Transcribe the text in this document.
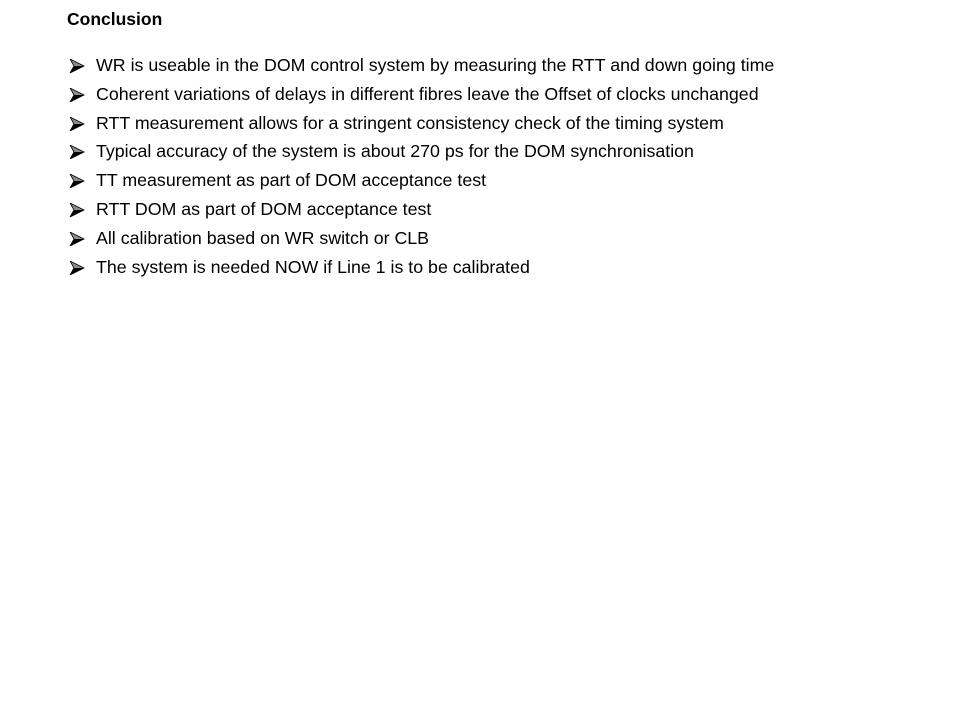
Conclusion
WR is useable in the DOM control system by measuring the RTT and down going time
Coherent variations of delays in different fibres leave the Offset of clocks unchanged
RTT measurement allows for a stringent consistency check of the timing system
Typical accuracy of the system is about 270 ps for the DOM synchronisation
TT measurement as part of DOM acceptance test
RTT DOM as part of DOM acceptance test
All calibration based on WR switch or CLB
The system is needed NOW if Line 1 is to be calibrated
